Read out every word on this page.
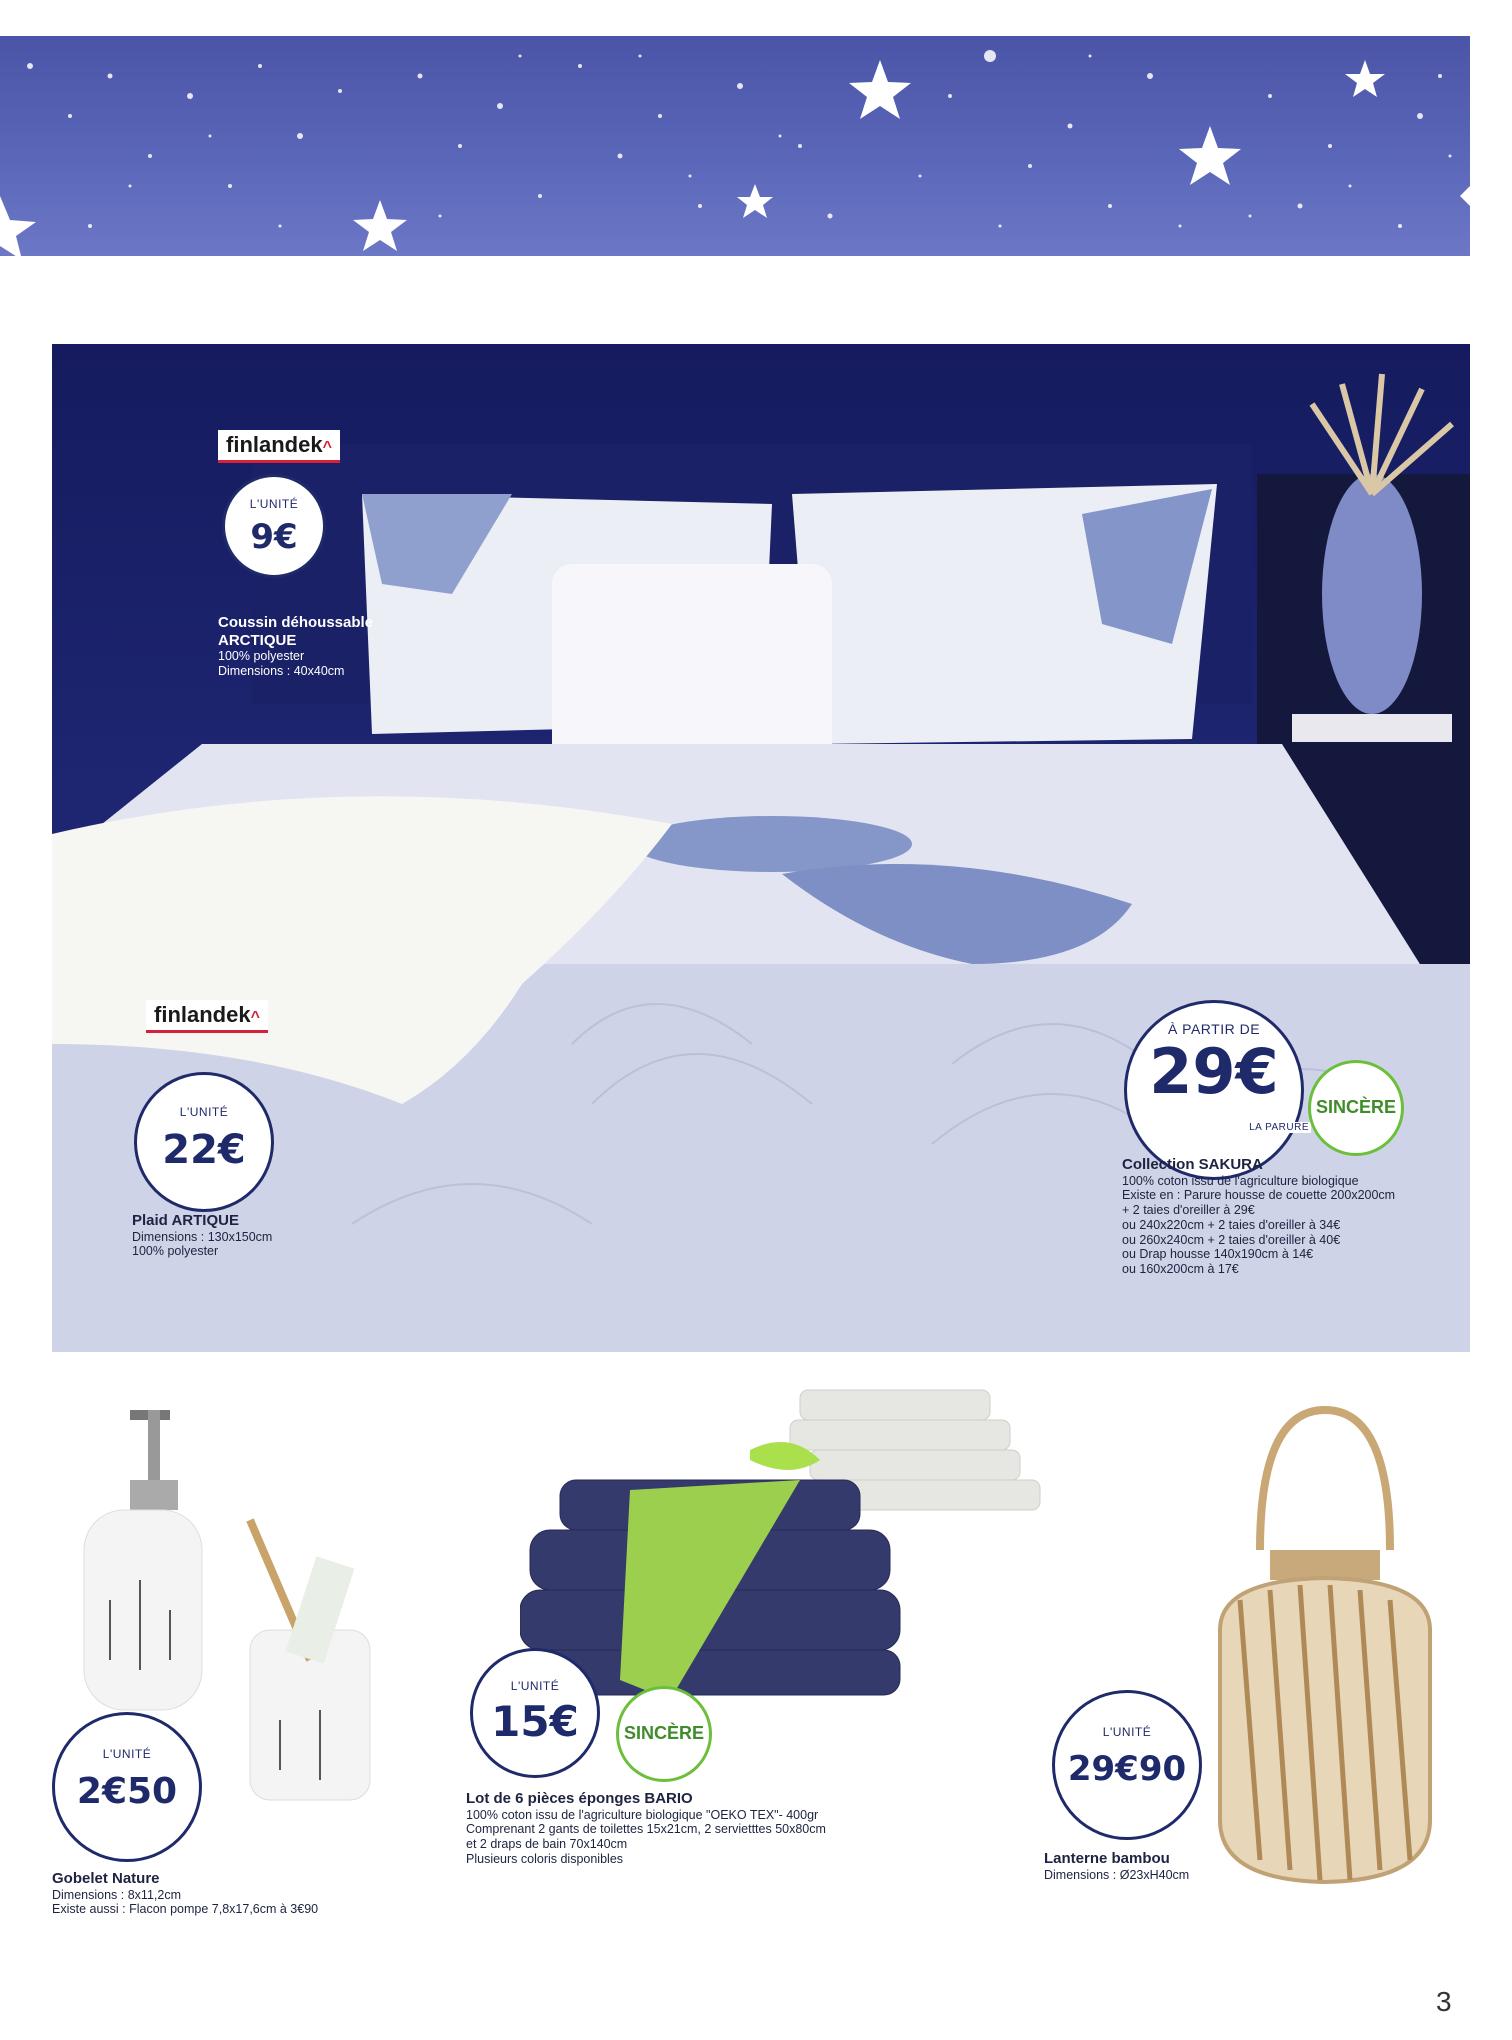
finlandek^
L'UNITÉ
9€
Coussin déhoussable
ARCTIQUE
100% polyester
Dimensions : 40x40cm
finlandek^
L'UNITÉ
22€
Plaid ARTIQUE
Dimensions : 130x150cm
100% polyester
À PARTIR DE
29€
LA PARURE
SINCÈRE
Collection SAKURA
100% coton issu de l'agriculture biologique
Existe en : Parure housse de couette 200x200cm
+ 2 taies d'oreiller à 29€
ou 240x220cm + 2 taies d'oreiller à 34€
ou 260x240cm + 2 taies d'oreiller à 40€
ou Drap housse 140x190cm à 14€
ou 160x200cm à 17€
L'UNITÉ
2€50
Gobelet Nature
Dimensions : 8x11,2cm
Existe aussi : Flacon pompe 7,8x17,6cm à 3€90
L'UNITÉ
15€	SINCÈRE
Lot de 6 pièces éponges BARIO
100% coton issu de l'agriculture biologique "OEKO TEX"- 400gr
Comprenant 2 gants de toilettes 15x21cm, 2 servietttes 50x80cm
et 2 draps de bain 70x140cm
Plusieurs coloris disponibles
L'UNITÉ
29€90
Lanterne bambou
Dimensions : Ø23xH40cm
3
